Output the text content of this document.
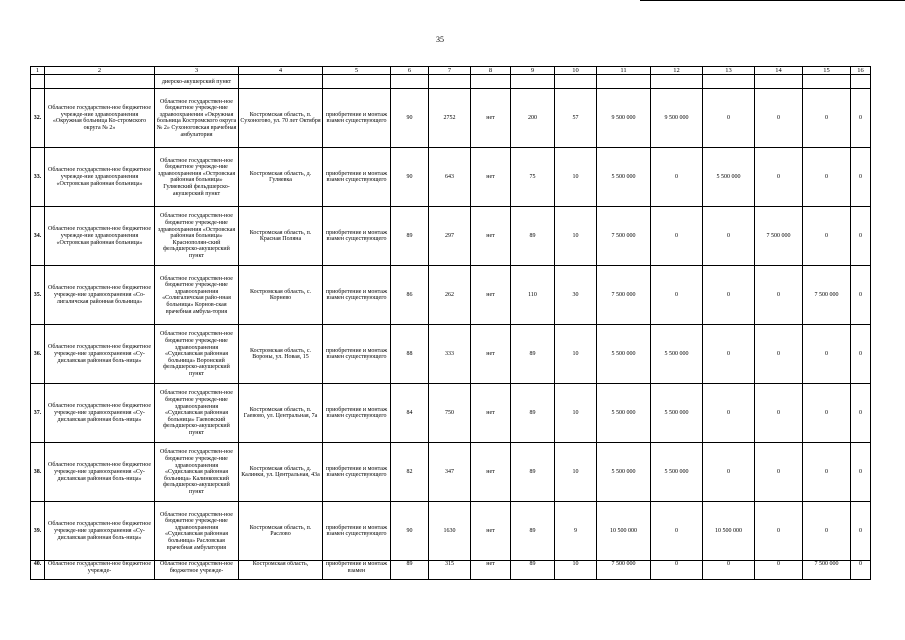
35
1	2	3	4	5	6	7	8	9	10	11	12	13	14	15	16
		диерско-акушерский пункт													
32.	Областное государствен-ное бюджетное учрежде-ние здравоохранения «Окружная больница Ко-стромского округа № 2»	Областное государствен-ное бюджетное учрежде-ние здравоохранения «Окружная больница Костромского округа № 2» Сухоноговская врачебная амбулатория	Костромская область, п. Сухоногово, ул. 70 лет Октября	приобретение и монтаж взамен существующего	90	2752	нет	200	57	9 500 000	9 500 000	0	0	0	0
33.	Областное государствен-ное бюджетное учрежде-ние здравоохранения «Островская районная больница»	Областное государствен-ное бюджетное учрежде-ние здравоохранения «Островская районная больница» Гуляевский фельдшерско-акушерский пункт	Костромская область, д. Гуляевка	приобретение и монтаж взамен существующего	90	643	нет	75	10	5 500 000	0	5 500 000	0	0	0
34.	Областное государствен-ное бюджетное учрежде-ние здравоохранения «Островская районная больница»	Областное государствен-ное бюджетное учрежде-ние здравоохранения «Островская районная больница» Краснополян-ский фельдшерско-акушерский пункт	Костромская область, п. Красная Поляна	приобретение и монтаж взамен существующего	89	297	нет	89	10	7 500 000	0	0	7 500 000	0	0
35.	Областное государствен-ное бюджетное учрежде-ние здравоохранения «Со-лигаличская районная больница»	Областное государствен-ное бюджетное учрежде-ние здравоохранения «Солигаличская райо-нная больница» Корнов-ская врачебная амбула-тория	Костромская область, с. Корнево	приобретение и монтаж взамен существующего	86	262	нет	110	30	7 500 000	0	0	0	7 500 000	0
36.	Областное государствен-ное бюджетное учрежде-ние здравоохранения «Су-диславская районная боль-ница»	Областное государствен-ное бюджетное учрежде-ние здравоохранения «Судиславская районная больница» Воронский фельдшерско-акушерский пункт	Костромская область, с. Вороны, ул. Новая, 15	приобретение и монтаж взамен существующего	88	333	нет	89	10	5 500 000	5 500 000	0	0	0	0
37.	Областное государствен-ное бюджетное учрежде-ние здравоохранения «Су-диславская районная боль-ница»	Областное государствен-ное бюджетное учрежде-ние здравоохранения «Судиславская районная больница» Гаевовский фельдшерско-акушерский пункт	Костромская область, п. Гаевово, ул. Центральная, 7а	приобретение и монтаж взамен существующего	84	750	нет	89	10	5 500 000	5 500 000	0	0	0	0
38.	Областное государствен-ное бюджетное учрежде-ние здравоохранения «Су-диславская районная боль-ница»	Областное государствен-ное бюджетное учрежде-ние здравоохранения «Судиславская районная больница» Калинковский фельдшерско-акушерский пункт	Костромская область, д. Калинки, ул. Центральная, 43а	приобретение и монтаж взамен существующего	82	347	нет	89	10	5 500 000	5 500 000	0	0	0	0
39.	Областное государствен-ное бюджетное учрежде-ние здравоохранения «Су-диславская районная боль-ница»	Областное государствен-ное бюджетное учрежде-ние здравоохранения «Судиславская районная больница» Расловская врачебная амбулатория	Костромская область, п. Раслово	приобретение и монтаж взамен существующего	90	1630	нет	89	9	10 500 000	0	10 500 000	0	0	0
40.	Областное государствен-ное бюджетное учрежде-	Областное государствен-ное бюджетное учрежде-	Костромская область,	приобретение и монтаж взамен	89	315	нет	89	10	7 500 000	0	0	0	7 500 000	0
